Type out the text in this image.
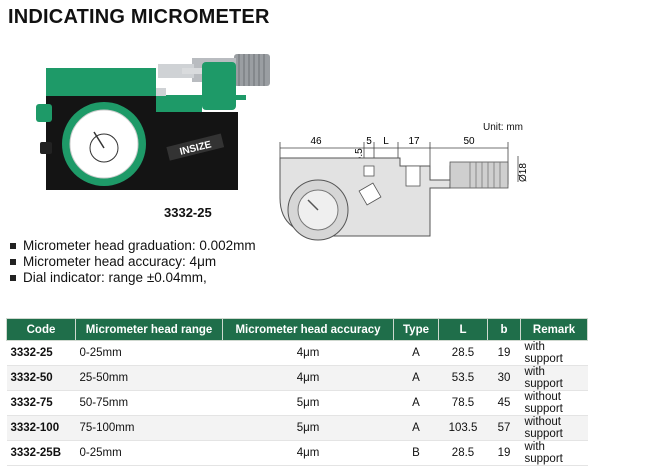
INDICATING MICROMETER
INSIZE
3332-25
Unit: mm
46	5 L 17	50
Ø18
Micrometer head graduation: 0.002mm
Micrometer head accuracy: 4μm
Dial indicator: range ±0.04mm,
Code	Micrometer head range	Micrometer head accuracy	Type	L	b	Remark
3332-25	0-25mm	4μm	A	28.5	19	with support
3332-50	25-50mm	4μm	A	53.5	30	with support
3332-75	50-75mm	5μm	A	78.5	45	without support
3332-100	75-100mm	5μm	A	103.5	57	without support
3332-25B	0-25mm	4μm	B	28.5	19	with support
